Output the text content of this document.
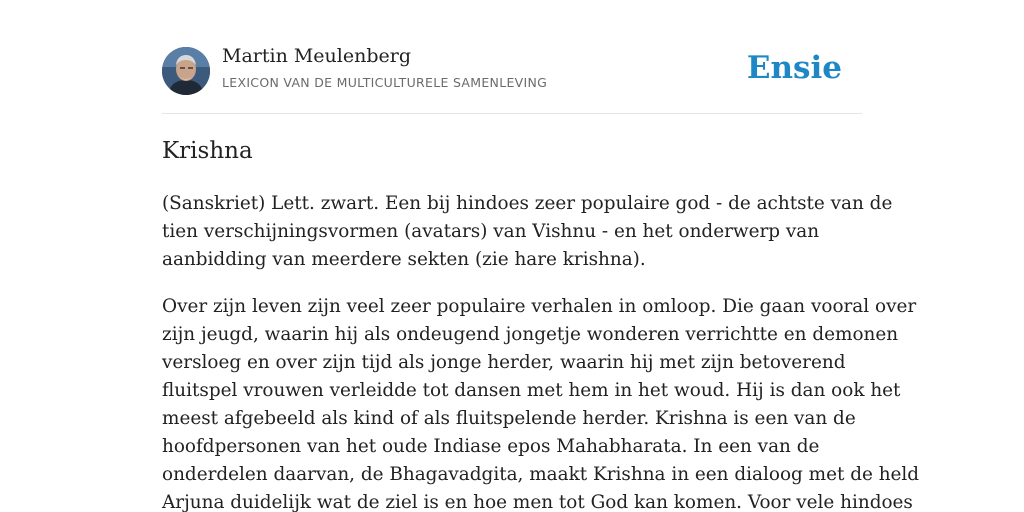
Martin Meulenberg
LEXICON VAN DE MULTICULTURELE SAMENLEVING	Ensie
Krishna

(Sanskriet) Lett. zwart. Een bij hindoes zeer populaire god - de achtste van de
tien verschijningsvormen (avatars) van Vishnu - en het onderwerp van
aanbidding van meerdere sekten (zie hare krishna).

Over zijn leven zijn veel zeer populaire verhalen in omloop. Die gaan vooral over
zijn jeugd, waarin hij als ondeugend jongetje wonderen verrichtte en demonen
versloeg en over zijn tijd als jonge herder, waarin hij met zijn betoverend
fluitspel vrouwen verleidde tot dansen met hem in het woud. Hij is dan ook het
meest afgebeeld als kind of als fluitspelende herder. Krishna is een van de
hoofdpersonen van het oude Indiase epos Mahabharata. In een van de
onderdelen daarvan, de Bhagavadgita, maakt Krishna in een dialoog met de held
Arjuna duidelijk wat de ziel is en hoe men tot God kan komen. Voor vele hindoes
